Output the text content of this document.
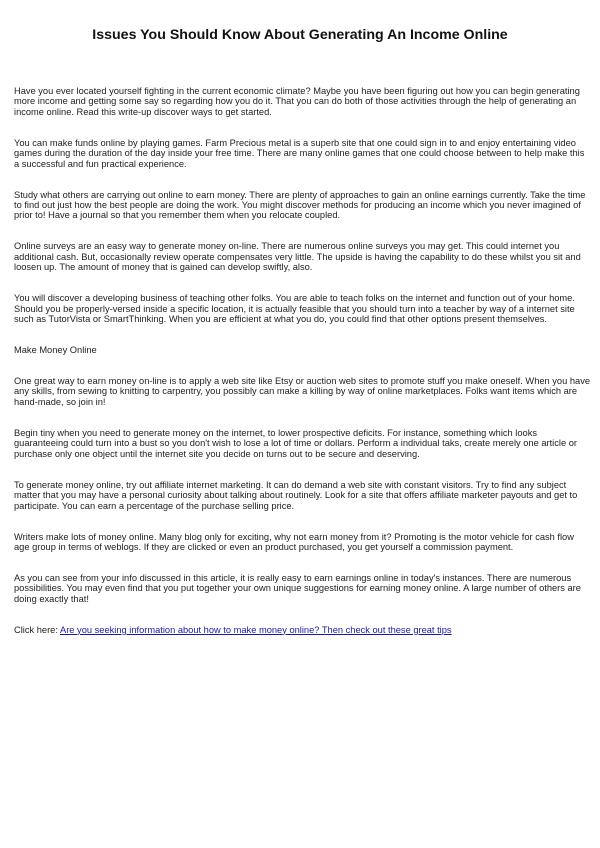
Issues You Should Know About Generating An Income Online

Have you ever located yourself fighting in the current economic climate? Maybe you have been figuring out how you can begin generating more income and getting some say so regarding how you do it. That you can do both of those activities through the help of generating an income online. Read this write-up discover ways to get started.

You can make funds online by playing games. Farm Precious metal is a superb site that one could sign in to and enjoy entertaining video games during the duration of the day inside your free time. There are many online games that one could choose between to help make this a successful and fun practical experience.

Study what others are carrying out online to earn money. There are plenty of approaches to gain an online earnings currently. Take the time to find out just how the best people are doing the work. You might discover methods for producing an income which you never imagined of prior to! Have a journal so that you remember them when you relocate coupled.

Online surveys are an easy way to generate money on-line. There are numerous online surveys you may get. This could internet you additional cash. But, occasionally review operate compensates very little. The upside is having the capability to do these whilst you sit and loosen up. The amount of money that is gained can develop swiftly, also.

You will discover a developing business of teaching other folks. You are able to teach folks on the internet and function out of your home. Should you be properly-versed inside a specific location, it is actually feasible that you should turn into a teacher by way of a internet site such as TutorVista or SmartThinking. When you are efficient at what you do, you could find that other options present themselves.

Make Money Online

One great way to earn money on-line is to apply a web site like Etsy or auction web sites to promote stuff you make oneself. When you have any skills, from sewing to knitting to carpentry, you possibly can make a killing by way of online marketplaces. Folks want items which are hand-made, so join in!

Begin tiny when you need to generate money on the internet, to lower prospective deficits. For instance, something which looks guaranteeing could turn into a bust so you don't wish to lose a lot of time or dollars. Perform a individual taks, create merely one article or purchase only one object until the internet site you decide on turns out to be secure and deserving.

To generate money online, try out affiliate internet marketing. It can do demand a web site with constant visitors. Try to find any subject matter that you may have a personal curiosity about talking about routinely. Look for a site that offers affiliate marketer payouts and get to participate. You can earn a percentage of the purchase selling price.

Writers make lots of money online. Many blog only for exciting, why not earn money from it? Promoting is the motor vehicle for cash flow age group in terms of weblogs. If they are clicked or even an product purchased, you get yourself a commission payment.

As you can see from your info discussed in this article, it is really easy to earn earnings online in today's instances. There are numerous possibilities. You may even find that you put together your own unique suggestions for earning money online. A large number of others are doing exactly that!

Click here: Are you seeking information about how to make money online? Then check out these great tips
